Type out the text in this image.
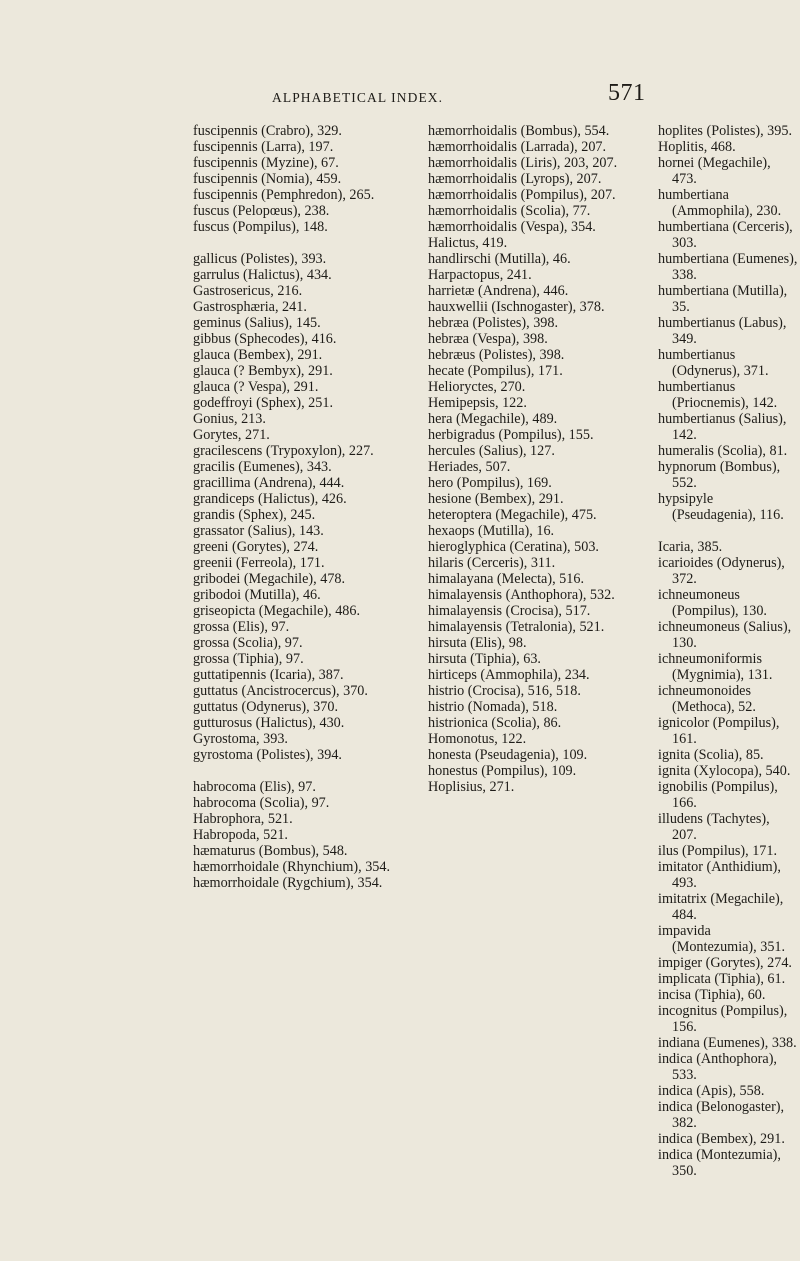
ALPHABETICAL INDEX.	571
fuscipennis (Crabro), 329.
fuscipennis (Larra), 197.
fuscipennis (Myzine), 67.
fuscipennis (Nomia), 459.
fuscipennis (Pemphredon), 265.
fuscus (Pelopœus), 238.
fuscus (Pompilus), 148.
gallicus (Polistes), 393.
garrulus (Halictus), 434.
Gastrosericus, 216.
Gastrosphæria, 241.
geminus (Salius), 145.
gibbus (Sphecodes), 416.
glauca (Bembex), 291.
glauca (? Bembyx), 291.
glauca (? Vespa), 291.
godeffroyi (Sphex), 251.
Gonius, 213.
Gorytes, 271.
gracilescens (Trypoxylon), 227.
gracilis (Eumenes), 343.
gracillima (Andrena), 444.
grandiceps (Halictus), 426.
grandis (Sphex), 245.
grassator (Salius), 143.
greeni (Gorytes), 274.
greenii (Ferreola), 171.
gribodei (Megachile), 478.
gribodoi (Mutilla), 46.
griseopicta (Megachile), 486.
grossa (Elis), 97.
grossa (Scolia), 97.
grossa (Tiphia), 97.
guttatipennis (Icaria), 387.
guttatus (Ancistrocercus), 370.
guttatus (Odynerus), 370.
gutturosus (Halictus), 430.
Gyrostoma, 393.
gyrostoma (Polistes), 394.
habrocoma (Elis), 97.
habrocoma (Scolia), 97.
Habrophora, 521.
Habropoda, 521.
hæmaturus (Bombus), 548.
hæmorrhoidale (Rhynchium), 354.
hæmorrhoidale (Rygchium), 354.
hæmorrhoidalis (Bombus), 554.
hæmorrhoidalis (Larrada), 207.
hæmorrhoidalis (Liris), 203, 207.
hæmorrhoidalis (Lyrops), 207.
hæmorrhoidalis (Pompilus), 207.
hæmorrhoidalis (Scolia), 77.
hæmorrhoidalis (Vespa), 354.
Halictus, 419.
handlirschi (Mutilla), 46.
Harpactopus, 241.
harrietæ (Andrena), 446.
hauxwellii (Ischnogaster), 378.
hebræa (Polistes), 398.
hebræa (Vespa), 398.
hebræus (Polistes), 398.
hecate (Pompilus), 171.
Helioryctes, 270.
Hemipepsis, 122.
hera (Megachile), 489.
herbigradus (Pompilus), 155.
hercules (Salius), 127.
Heriades, 507.
hero (Pompilus), 169.
hesione (Bembex), 291.
heteroptera (Megachile), 475.
hexaops (Mutilla), 16.
hieroglyphica (Ceratina), 503.
hilaris (Cerceris), 311.
himalayana (Melecta), 516.
himalayensis (Anthophora), 532.
himalayensis (Crocisa), 517.
himalayensis (Tetralonia), 521.
hirsuta (Elis), 98.
hirsuta (Tiphia), 63.
hirticeps (Ammophila), 234.
histrio (Crocisa), 516, 518.
histrio (Nomada), 518.
histrionica (Scolia), 86.
Homonotus, 122.
honesta (Pseudagenia), 109.
honestus (Pompilus), 109.
Hoplisius, 271.
hoplites (Polistes), 395.
Hoplitis, 468.
hornei (Megachile), 473.
humbertiana (Ammophila), 230.
humbertiana (Cerceris), 303.
humbertiana (Eumenes), 338.
humbertiana (Mutilla), 35.
humbertianus (Labus), 349.
humbertianus (Odynerus), 371.
humbertianus (Priocnemis), 142.
humbertianus (Salius), 142.
humeralis (Scolia), 81.
hypnorum (Bombus), 552.
hypsipyle (Pseudagenia), 116.
Icaria, 385.
icarioides (Odynerus), 372.
ichneumoneus (Pompilus), 130.
ichneumoneus (Salius), 130.
ichneumoniformis (Mygnimia), 131.
ichneumonoides (Methoca), 52.
ignicolor (Pompilus), 161.
ignita (Scolia), 85.
ignita (Xylocopa), 540.
ignobilis (Pompilus), 166.
illudens (Tachytes), 207.
ilus (Pompilus), 171.
imitator (Anthidium), 493.
imitatrix (Megachile), 484.
impavida (Montezumia), 351.
impiger (Gorytes), 274.
implicata (Tiphia), 61.
incisa (Tiphia), 60.
incognitus (Pompilus), 156.
indiana (Eumenes), 338.
indica (Anthophora), 533.
indica (Apis), 558.
indica (Belonogaster), 382.
indica (Bembex), 291.
indica (Montezumia), 350.
